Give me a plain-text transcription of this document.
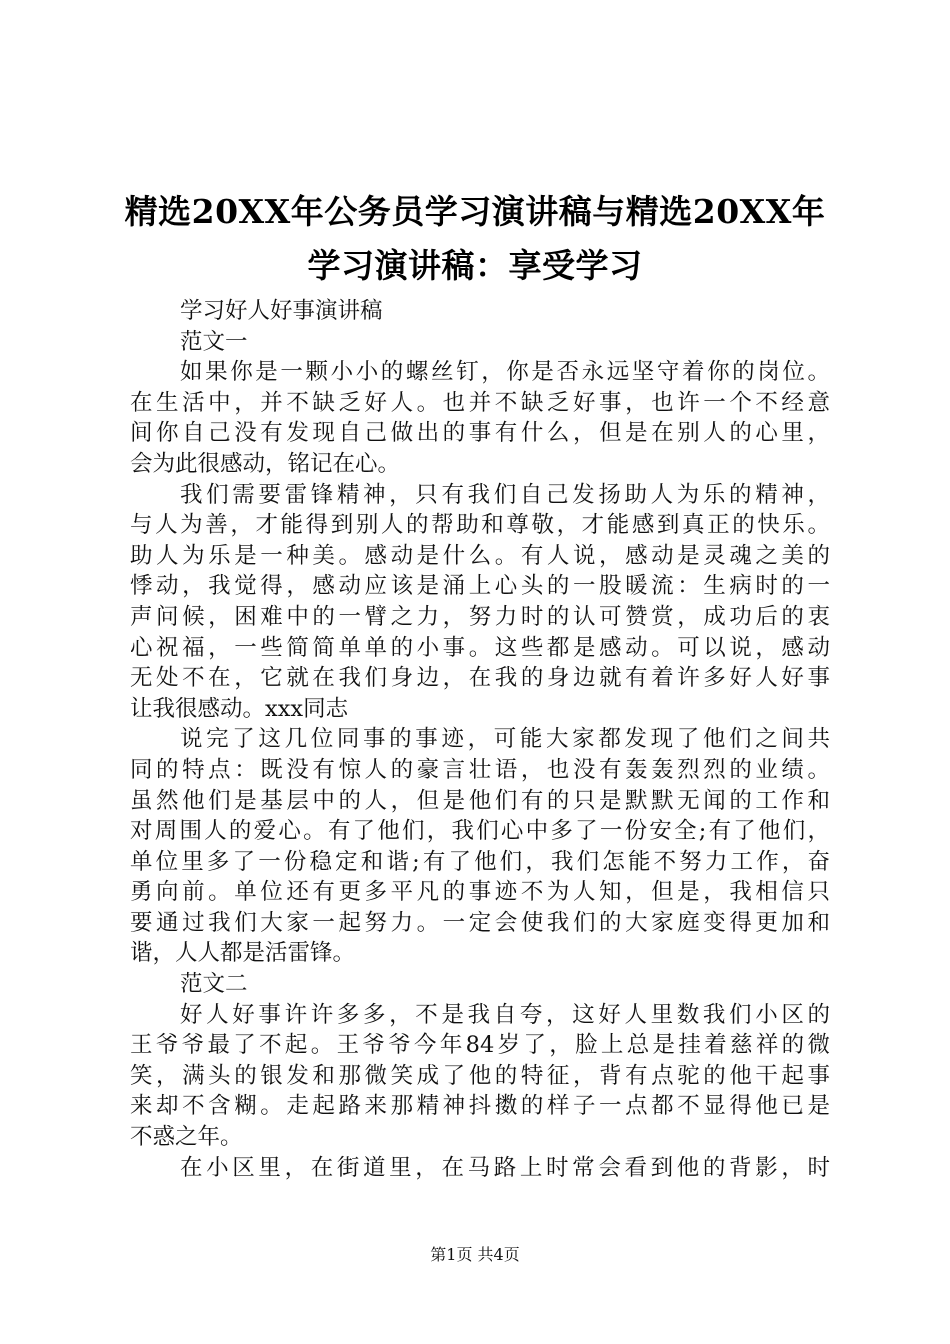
精选20XX年公务员学习演讲稿与精选20XX年
学习演讲稿：享受学习
学习好人好事演讲稿
范文一
如果你是一颗小小的螺丝钉，你是否永远坚守着你的岗位。
在生活中，并不缺乏好人。也并不缺乏好事，也许一个不经意
间你自己没有发现自己做出的事有什么，但是在别人的心里，
会为此很感动，铭记在心。
我们需要雷锋精神，只有我们自己发扬助人为乐的精神，
与人为善，才能得到别人的帮助和尊敬，才能感到真正的快乐。
助人为乐是一种美。感动是什么。有人说，感动是灵魂之美的
悸动，我觉得，感动应该是涌上心头的一股暖流：生病时的一
声问候，困难中的一臂之力，努力时的认可赞赏，成功后的衷
心祝福，一些简简单单的小事。这些都是感动。可以说，感动
无处不在，它就在我们身边，在我的身边就有着许多好人好事
让我很感动。xxx同志
说完了这几位同事的事迹，可能大家都发现了他们之间共
同的特点：既没有惊人的豪言壮语，也没有轰轰烈烈的业绩。
虽然他们是基层中的人，但是他们有的只是默默无闻的工作和
对周围人的爱心。有了他们，我们心中多了一份安全;有了他们，
单位里多了一份稳定和谐;有了他们，我们怎能不努力工作，奋
勇向前。单位还有更多平凡的事迹不为人知，但是，我相信只
要通过我们大家一起努力。一定会使我们的大家庭变得更加和
谐，人人都是活雷锋。
范文二
好人好事许许多多，不是我自夸，这好人里数我们小区的
王爷爷最了不起。王爷爷今年84岁了，脸上总是挂着慈祥的微
笑，满头的银发和那微笑成了他的特征，背有点驼的他干起事
来却不含糊。走起路来那精神抖擞的样子一点都不显得他已是
不惑之年。
在小区里，在街道里，在马路上时常会看到他的背影，时
第1页 共4页
